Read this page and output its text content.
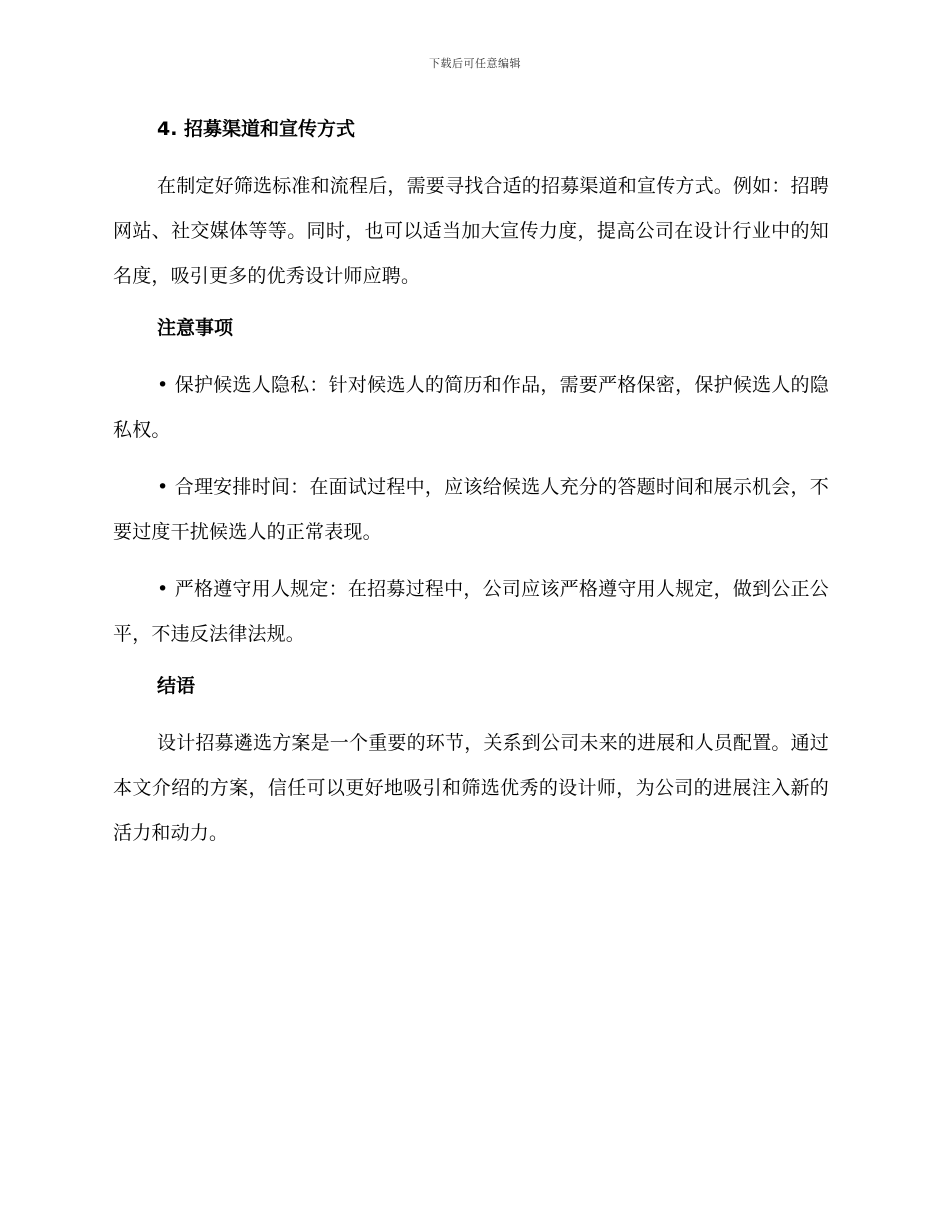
下载后可任意编辑
4. 招募渠道和宣传方式

在制定好筛选标准和流程后，需要寻找合适的招募渠道和宣传方式。例如：招聘网站、社交媒体等等。同时，也可以适当加大宣传力度，提高公司在设计行业中的知名度，吸引更多的优秀设计师应聘。

注意事项

• 保护候选人隐私：针对候选人的简历和作品，需要严格保密，保护候选人的隐私权。

• 合理安排时间：在面试过程中，应该给候选人充分的答题时间和展示机会，不要过度干扰候选人的正常表现。

• 严格遵守用人规定：在招募过程中，公司应该严格遵守用人规定，做到公正公平，不违反法律法规。

结语

设计招募遴选方案是一个重要的环节，关系到公司未来的进展和人员配置。通过本文介绍的方案，信任可以更好地吸引和筛选优秀的设计师，为公司的进展注入新的活力和动力。
